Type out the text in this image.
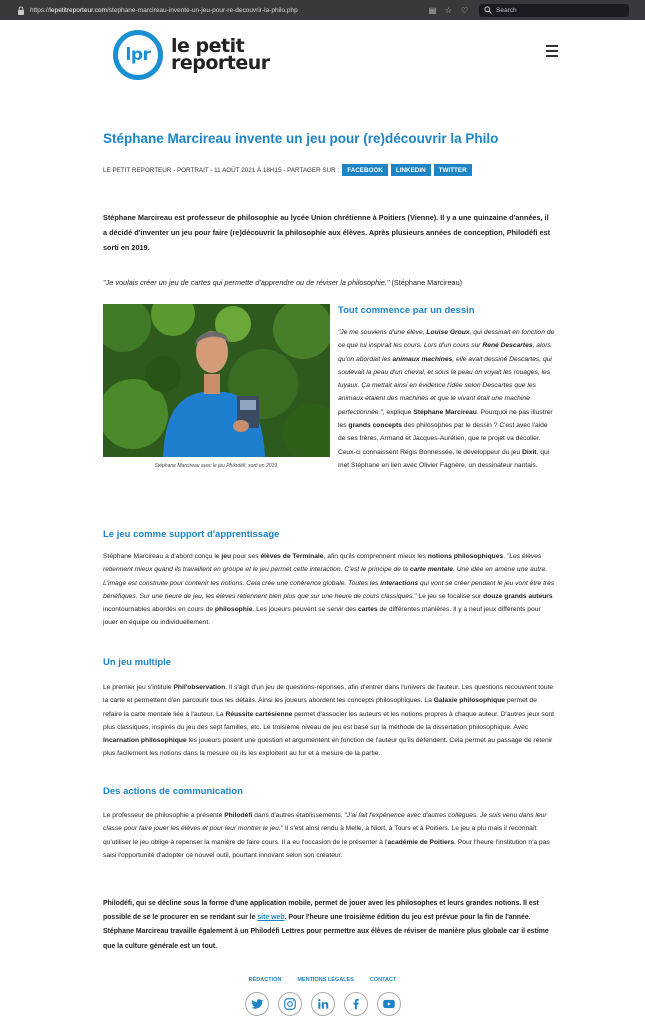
https://lepetitreporteur.com/stephane-marcireau-invente-un-jeu-pour-re-decouvrir-la-philo.php	▤ ☆ ♡	Search
lpr	le petit
reporteur
Stéphane Marcireau invente un jeu pour (re)découvrir la Philo
LE PETIT REPORTEUR - PORTRAIT - 11 AOÛT 2021 À 18H15 - PARTAGER SUR :	FACEBOOK	LINKEDIN	TWITTER

Stéphane Marcireau est professeur de philosophie au lycée Union chrétienne à Poitiers (Vienne). Il y a une quinzaine d'années, il a décidé d'inventer un jeu pour faire (re)découvrir la philosophie aux élèves. Après plusieurs années de conception, Philodéfi est sorti en 2019.

"Je voulais créer un jeu de cartes qui permette d'apprendre ou de réviser la philosophie." (Stéphane Marcireau)

Stéphane Marcireau avec le jeu Philodéfi, sorti en 2019.
Tout commence par un dessin

"Je me souviens d'une élève, Louise Groux, qui dessinait en fonction de ce que lui inspirait les cours. Lors d'un cours sur René Descartes, alors qu'on abordait les animaux machines, elle avait dessiné Descartes, qui soulevait la peau d'un cheval, et sous la peau on voyait les rouages, les tuyaux. Ça mettait ainsi en évidence l'idée selon Descartes que les animaux étaient des machines et que le vivant était une machine perfectionnée.", explique Stéphane Marcireau. Pourquoi ne pas illustrer les grands concepts des philosophes par le dessin ? C'est avec l'aide de ses frères, Armand et Jacques-Aurélien, que le projet va décoller. Ceux-ci connaissent Régis Bonnessée, le développeur du jeu Dixit, qui met Stéphane en lien avec Olivier Fagnère, un dessinateur nantais.

Le jeu comme support d'apprentissage

Stéphane Marcireau a d'abord conçu le jeu pour ses élèves de Terminale, afin qu'ils comprennent mieux les notions philosophiques. "Les élèves retiennent mieux quand ils travaillent en groupe et le jeu permet cette interaction. C'est le principe de la carte mentale. Une idée en amène une autre. L'image est construite pour contenir les notions. Cela crée une cohérence globale. Toutes les interactions qui vont se créer pendant le jeu vont être très bénéfiques. Sur une heure de jeu, les élèves retiennent bien plus que sur une heure de cours classiques." Le jeu se focalise sur douze grands auteurs incontournables abordés en cours de philosophie. Les joueurs peuvent se servir des cartes de différentes manières. Il y a neuf jeux différents pour jouer en équipe ou individuellement.

Un jeu multiple

Le premier jeu s'intitule Phil'observation. Il s'agit d'un jeu de questions-réponses, afin d'entrer dans l'univers de l'auteur. Les questions recouvrent toute la carte et permettent d'en parcourir tous les détails. Ainsi les joueurs abordent les concepts philosophiques. La Galaxie philosophique permet de refaire la carte mentale liée à l'auteur. La Réussite cartésienne permet d'associer les auteurs et les notions propres à chaque auteur. D'autres jeux sont plus classiques, inspirés du jeu des sept familles, etc. Le troisième niveau de jeu est basé sur la méthode de la dissertation philosophique. Avec Incarnation philosophique les joueurs posent une question et argumentent en fonction de l'auteur qu'ils défendent. Cela permet au passage de retenir plus facilement les notions dans la mesure où ils les exploitent au fur et à mesure de la partie.

Des actions de communication

Le professeur de philosophie a présenté Philodéfi dans d'autres établissements. "J'ai fait l'expérience avec d'autres collègues. Je suis venu dans leur classe pour faire jouer les élèves et pour leur montrer le jeu." Il s'est ainsi rendu à Melle, à Niort, à Tours et à Poitiers. Le jeu a plu mais il reconnaît qu'utiliser le jeu oblige à repenser la manière de faire cours. Il a eu l'occasion de le présenter à l'académie de Poitiers. Pour l'heure l'institution n'a pas saisi l'opportunité d'adopter ce nouvel outil, pourtant innovant selon son créateur.

Philodéfi, qui se décline sous la forme d'une application mobile, permet de jouer avec les philosophes et leurs grandes notions. Il est possible de se le procurer en se rendant sur le site web. Pour l'heure une troisième édition du jeu est prévue pour la fin de l'année. Stéphane Marcireau travaille également à un Philodéfi Lettres pour permettre aux élèves de réviser de manière plus globale car il estime que la culture générale est un tout.

RÉDACTION	MENTIONS LÉGALES	CONTACT
